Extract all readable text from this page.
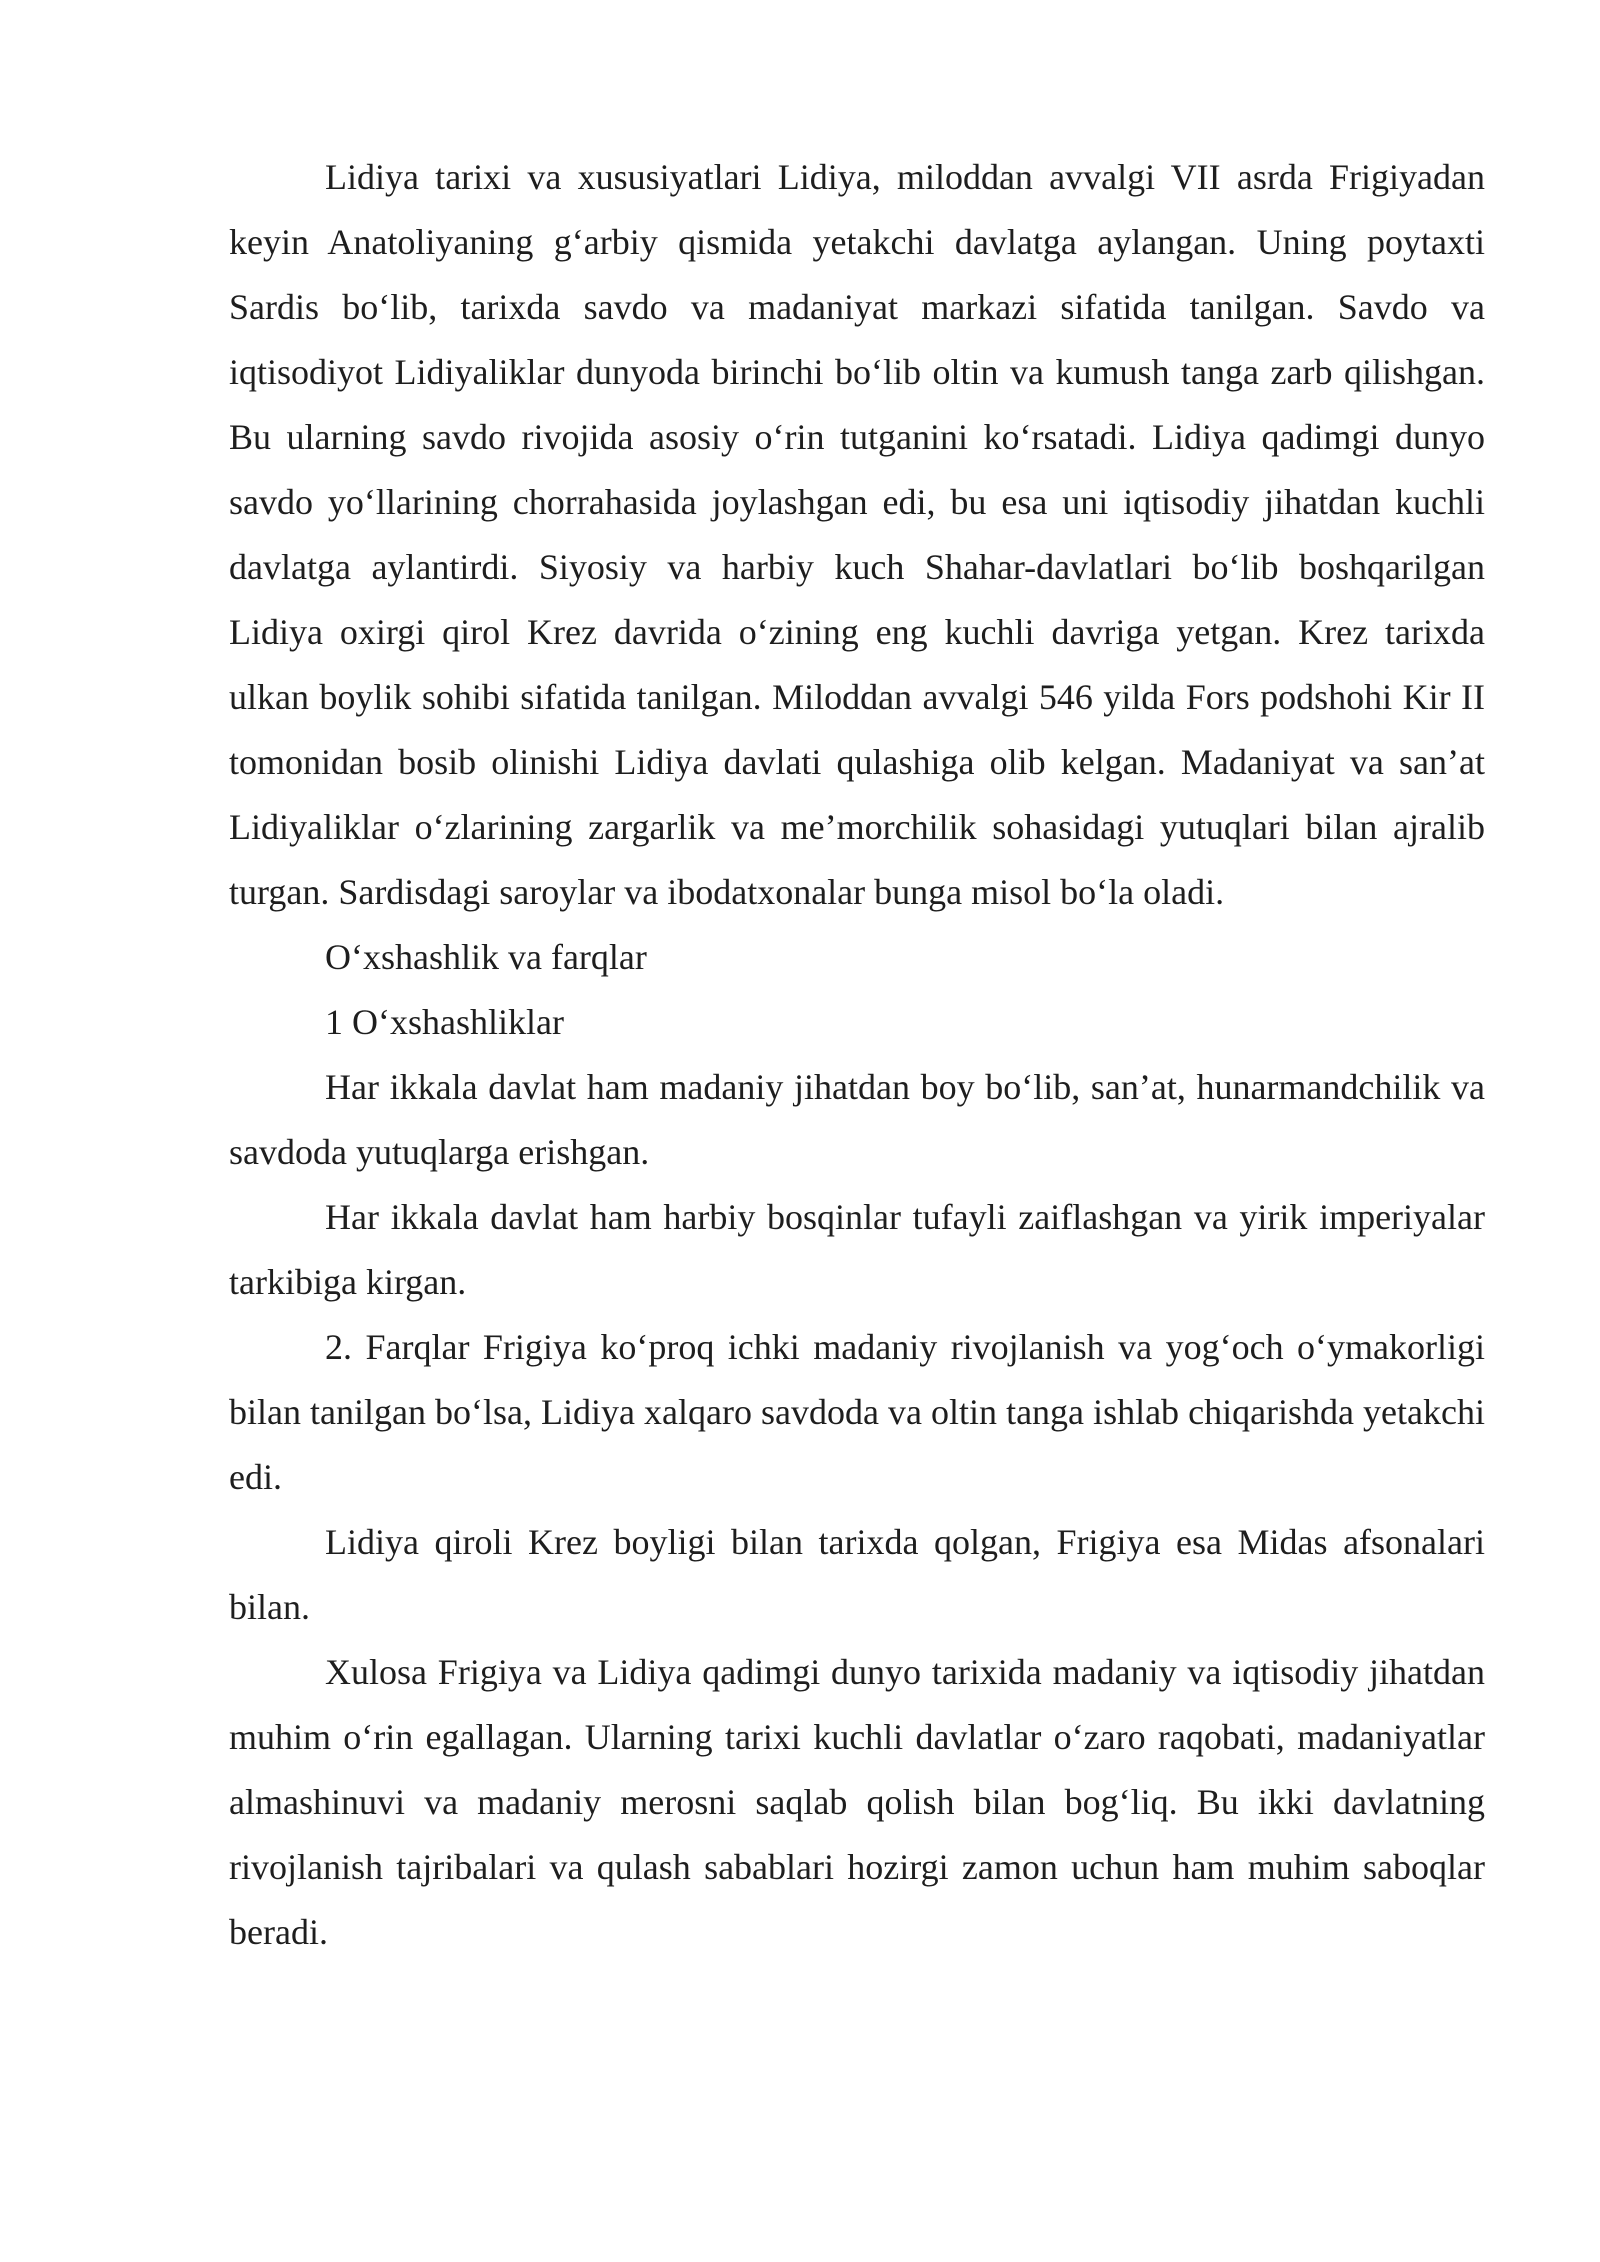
Lidiya tarixi va xususiyatlari Lidiya, miloddan avvalgi VII asrda Frigiyadan keyin Anatoliyaning g‘arbiy qismida yetakchi davlatga aylangan. Uning poytaxti Sardis bo‘lib, tarixda savdo va madaniyat markazi sifatida tanilgan. Savdo va iqtisodiyot Lidiyaliklar dunyoda birinchi bo‘lib oltin va kumush tanga zarb qilishgan. Bu ularning savdo rivojida asosiy o‘rin tutganini ko‘rsatadi. Lidiya qadimgi dunyo savdo yo‘llarining chorrahasida joylashgan edi, bu esa uni iqtisodiy jihatdan kuchli davlatga aylantirdi. Siyosiy va harbiy kuch Shahar-davlatlari bo‘lib boshqarilgan Lidiya oxirgi qirol Krez davrida o‘zining eng kuchli davriga yetgan. Krez tarixda ulkan boylik sohibi sifatida tanilgan. Miloddan avvalgi 546 yilda Fors podshohi Kir II tomonidan bosib olinishi Lidiya davlati qulashiga olib kelgan. Madaniyat va san’at Lidiyaliklar o‘zlarining zargarlik va me’morchilik sohasidagi yutuqlari bilan ajralib turgan. Sardisdagi saroylar va ibodatxonalar bunga misol bo‘la oladi.

O‘xshashlik va farqlar

1 O‘xshashliklar

Har ikkala davlat ham madaniy jihatdan boy bo‘lib, san’at, hunarmandchilik va savdoda yutuqlarga erishgan.

Har ikkala davlat ham harbiy bosqinlar tufayli zaiflashgan va yirik imperiyalar tarkibiga kirgan.

2. Farqlar Frigiya ko‘proq ichki madaniy rivojlanish va yog‘och o‘ymakorligi bilan tanilgan bo‘lsa, Lidiya xalqaro savdoda va oltin tanga ishlab chiqarishda yetakchi edi.

Lidiya qiroli Krez boyligi bilan tarixda qolgan, Frigiya esa Midas afsonalari bilan.

Xulosa Frigiya va Lidiya qadimgi dunyo tarixida madaniy va iqtisodiy jihatdan muhim o‘rin egallagan. Ularning tarixi kuchli davlatlar o‘zaro raqobati, madaniyatlar almashinuvi va madaniy merosni saqlab qolish bilan bog‘liq. Bu ikki davlatning rivojlanish tajribalari va qulash sabablari hozirgi zamon uchun ham muhim saboqlar beradi.
